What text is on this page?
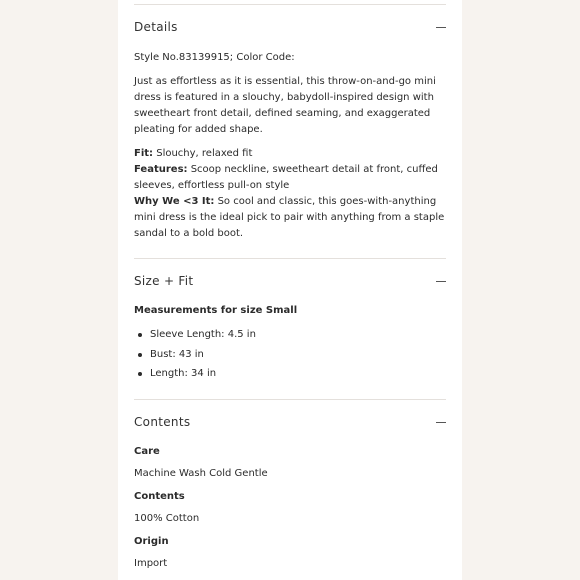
Details
Style No.83139915; Color Code:
Just as effortless as it is essential, this throw-on-and-go mini dress is featured in a slouchy, babydoll-inspired design with sweetheart front detail, defined seaming, and exaggerated pleating for added shape.
Fit: Slouchy, relaxed fit
Features: Scoop neckline, sweetheart detail at front, cuffed sleeves, effortless pull-on style
Why We <3 It: So cool and classic, this goes-with-anything mini dress is the ideal pick to pair with anything from a staple sandal to a bold boot.
Size + Fit
Measurements for size Small
Sleeve Length: 4.5 in
Bust: 43 in
Length: 34 in
Contents
Care
Machine Wash Cold Gentle
Contents
100% Cotton
Origin
Import
